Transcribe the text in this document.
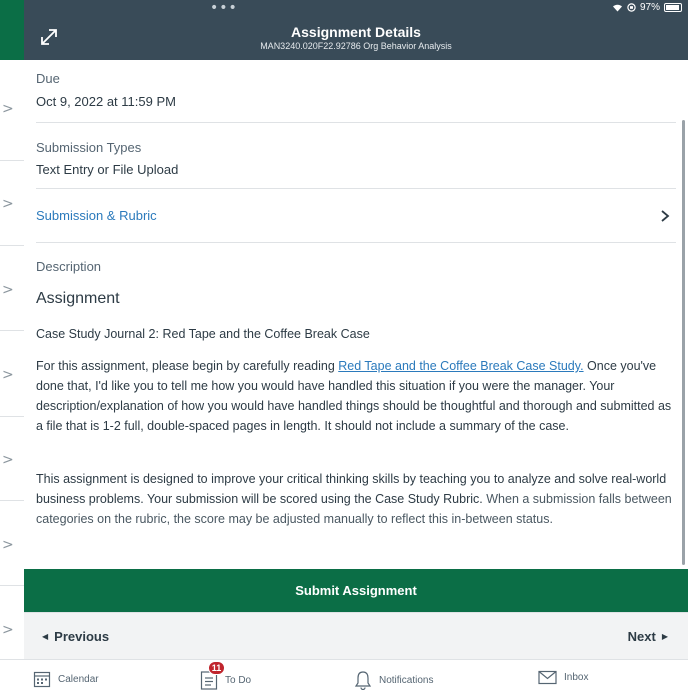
>
>
>
>
>
>
>
•••	97%
Assignment Details
MAN3240.020F22.92786 Org Behavior Analysis
Due
Oct 9, 2022 at 11:59 PM
Submission Types
Text Entry or File Upload
Submission & Rubric
Description
Assignment
Case Study Journal 2: Red Tape and the Coffee Break Case
For this assignment, please begin by carefully reading Red Tape and the Coffee Break Case Study. Once you've done that, I'd like you to tell me how you would have handled this situation if you were the manager. Your description/explanation of how you would have handled things should be thoughtful and thorough and submitted as a file that is 1-2 full, double-spaced pages in length. It should not include a summary of the case.
This assignment is designed to improve your critical thinking skills by teaching you to analyze and solve real-world business problems. Your submission will be scored using the Case Study Rubric. When a submission falls between categories on the rubric, the score may be adjusted manually to reflect this in-between status.
Submit Assignment
◀ Previous	Next ▶
Calendar
11
To Do	Notifications	Inbox
